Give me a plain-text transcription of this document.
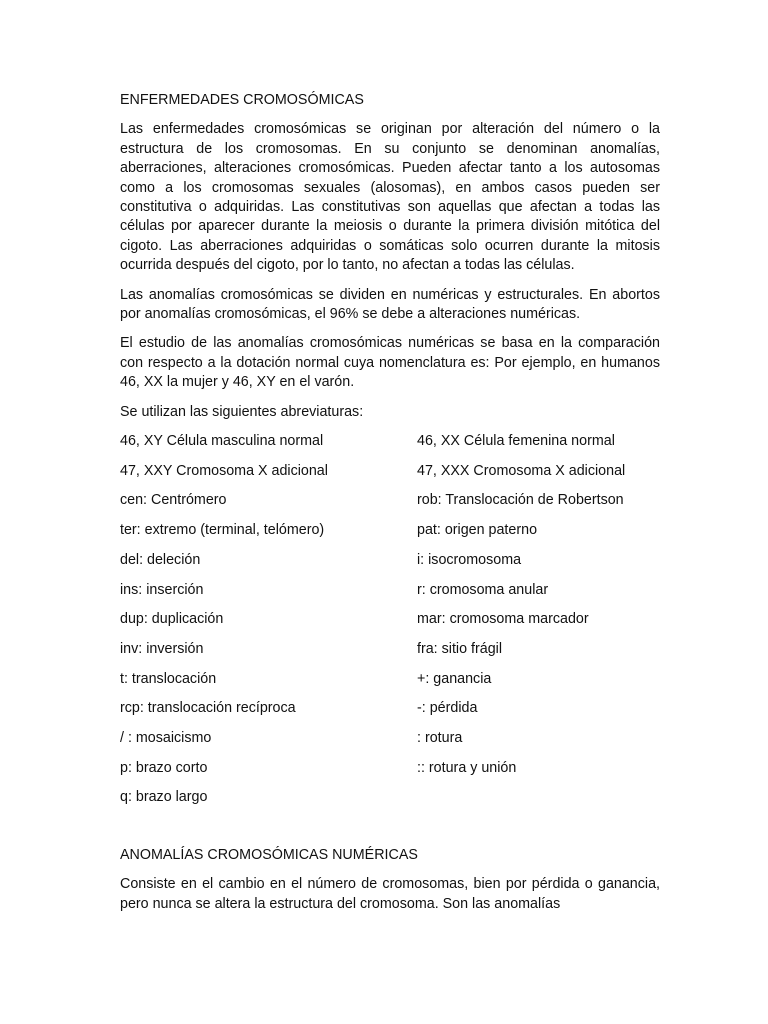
ENFERMEDADES CROMOSÓMICAS

Las enfermedades cromosómicas se originan por alteración del número o la estructura de los cromosomas. En su conjunto se denominan anomalías, aberraciones, alteraciones cromosómicas. Pueden afectar tanto a los autosomas como a los cromosomas sexuales (alosomas), en ambos casos pueden ser constitutiva o adquiridas. Las constitutivas son aquellas que afectan a todas las células por aparecer durante la meiosis o durante la primera división mitótica del cigoto. Las aberraciones adquiridas o somáticas solo ocurren durante la mitosis ocurrida después del cigoto, por lo tanto, no afectan a todas las células.

Las anomalías cromosómicas se dividen en numéricas y estructurales. En abortos por anomalías cromosómicas, el 96% se debe a alteraciones numéricas.

El estudio de las anomalías cromosómicas numéricas se basa en la comparación con respecto a la dotación normal cuya nomenclatura es: Por ejemplo, en humanos 46, XX la mujer y 46, XY en el varón.

Se utilizan las siguientes abreviaturas:

46, XY Célula masculina normal	46, XX Célula femenina normal
47, XXY Cromosoma X adicional	47, XXX Cromosoma X adicional
cen: Centrómero	rob: Translocación de Robertson
ter: extremo (terminal, telómero)	pat: origen paterno
del: deleción	i: isocromosoma
ins: inserción	r: cromosoma anular
dup: duplicación	mar: cromosoma marcador
inv: inversión	fra: sitio frágil
t: translocación	+: ganancia
rcp: translocación recíproca	-: pérdida
/ : mosaicismo	: rotura
p: brazo corto	:: rotura y unión
q: brazo largo
ANOMALÍAS CROMOSÓMICAS NUMÉRICAS

Consiste en el cambio en el número de cromosomas, bien por pérdida o ganancia, pero nunca se altera la estructura del cromosoma. Son las anomalías
